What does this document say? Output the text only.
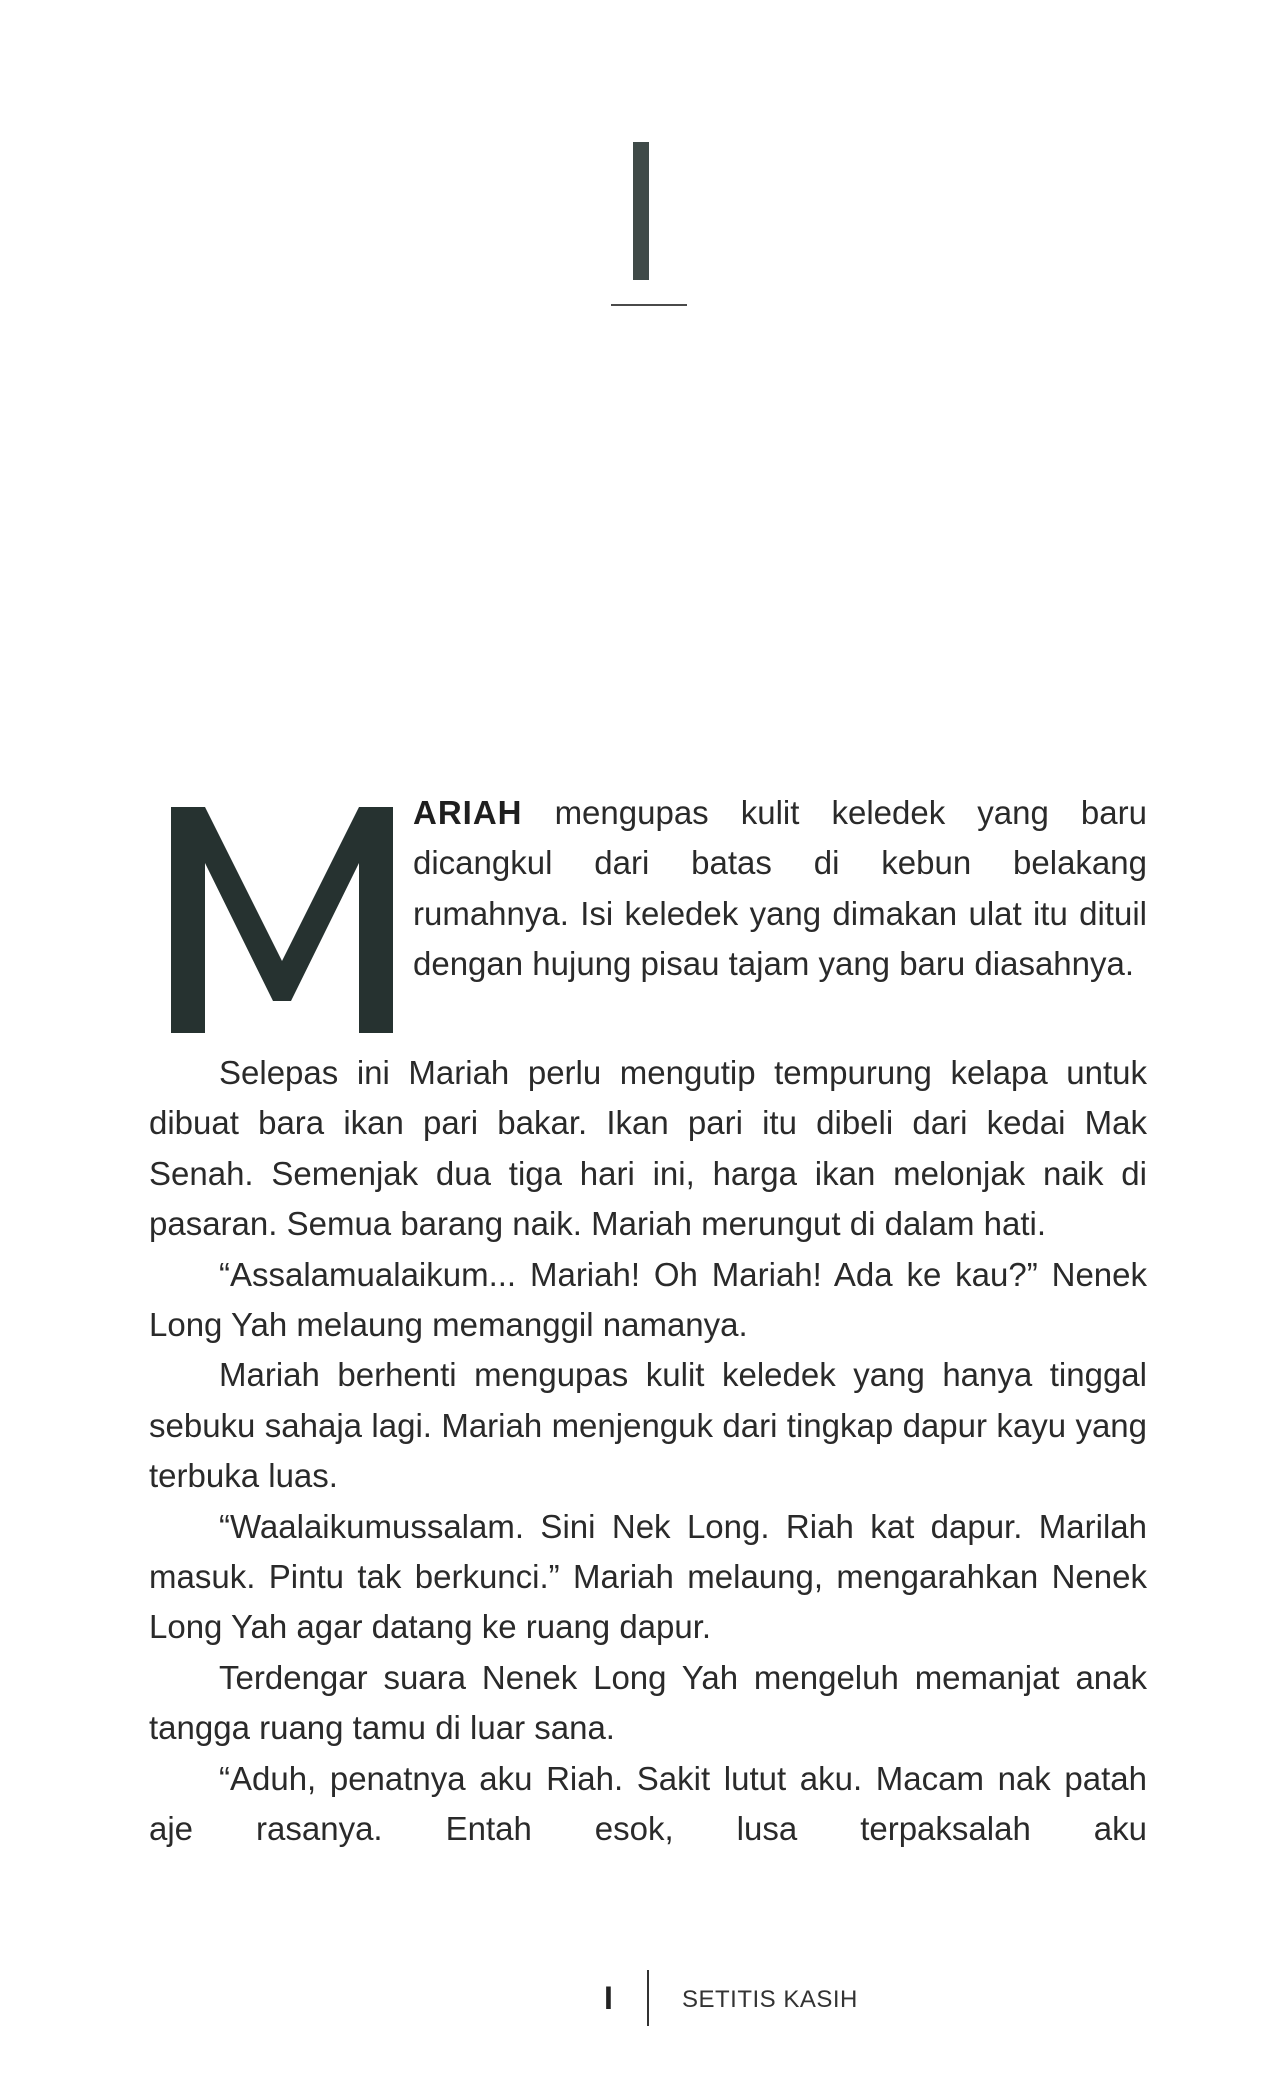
ARIAH mengupas kulit keledek yang baru dicangkul dari batas di kebun belakang rumahnya. Isi keledek yang dimakan ulat itu dituil dengan hujung pisau tajam yang baru diasahnya.

Selepas ini Mariah perlu mengutip tempurung kelapa untuk dibuat bara ikan pari bakar. Ikan pari itu dibeli dari kedai Mak Senah. Semenjak dua tiga hari ini, harga ikan melonjak naik di pasaran. Semua barang naik. Mariah merungut di dalam hati.

“Assalamualaikum... Mariah! Oh Mariah! Ada ke kau?” Nenek Long Yah melaung memanggil namanya.

Mariah berhenti mengupas kulit keledek yang hanya tinggal sebuku sahaja lagi. Mariah menjenguk dari tingkap dapur kayu yang terbuka luas.

“Waalaikumussalam. Sini Nek Long. Riah kat dapur. Marilah masuk. Pintu tak berkunci.” Mariah melaung, mengarahkan Nenek Long Yah agar datang ke ruang dapur.

Terdengar suara Nenek Long Yah mengeluh memanjat anak tangga ruang tamu di luar sana.

“Aduh, penatnya aku Riah. Sakit lutut aku. Macam nak patah aje rasanya. Entah esok, lusa terpaksalah aku

I	SETITIS KASIH
